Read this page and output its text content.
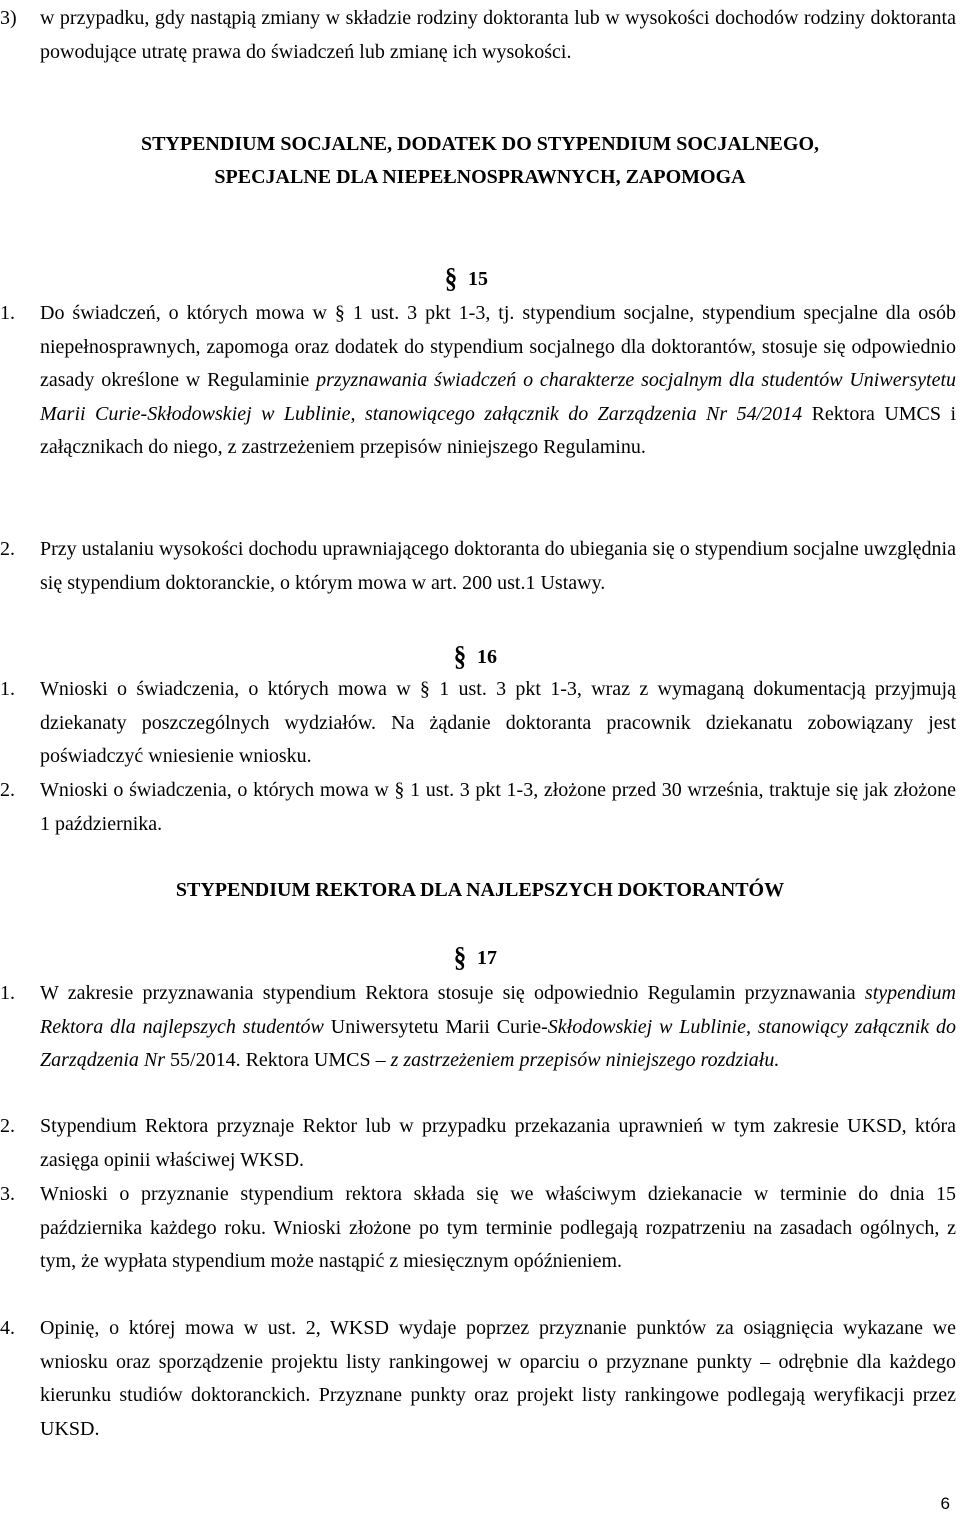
3) w przypadku, gdy nastąpią zmiany w składzie rodziny doktoranta lub w wysokości dochodów rodziny doktoranta powodujące utratę prawa do świadczeń lub zmianę ich wysokości.
STYPENDIUM SOCJALNE, DODATEK DO STYPENDIUM SOCJALNEGO,
SPECJALNE DLA NIEPEŁNOSPRAWNYCH, ZAPOMOGA
§ 15
1. Do świadczeń, o których mowa w § 1 ust. 3 pkt 1-3, tj. stypendium socjalne, stypendium specjalne dla osób niepełnosprawnych, zapomoga oraz dodatek do stypendium socjalnego dla doktorantów, stosuje się odpowiednio zasady określone w Regulaminie przyznawania świadczeń o charakterze socjalnym dla studentów Uniwersytetu Marii Curie-Skłodowskiej w Lublinie, stanowiącego załącznik do Zarządzenia Nr 54/2014 Rektora UMCS i załącznikach do niego, z zastrzeżeniem przepisów niniejszego Regulaminu.
2. Przy ustalaniu wysokości dochodu uprawniającego doktoranta do ubiegania się o stypendium socjalne uwzględnia się stypendium doktoranckie, o którym mowa w art. 200 ust.1 Ustawy.
§ 16
1. Wnioski o świadczenia, o których mowa w § 1 ust. 3 pkt 1-3, wraz z wymaganą dokumentacją przyjmują dziekanaty poszczególnych wydziałów. Na żądanie doktoranta pracownik dziekanatu zobowiązany jest poświadczyć wniesienie wniosku.
2. Wnioski o świadczenia, o których mowa w § 1 ust. 3 pkt 1-3, złożone przed 30 września, traktuje się jak złożone 1 października.
STYPENDIUM REKTORA DLA NAJLEPSZYCH DOKTORANTÓW
§ 17
1. W zakresie przyznawania stypendium Rektora stosuje się odpowiednio Regulamin przyznawania stypendium Rektora dla najlepszych studentów Uniwersytetu Marii Curie-Skłodowskiej w Lublinie, stanowiący załącznik do Zarządzenia Nr 55/2014. Rektora UMCS – z zastrzeżeniem przepisów niniejszego rozdziału.
2. Stypendium Rektora przyznaje Rektor lub w przypadku przekazania uprawnień w tym zakresie UKSD, która zasięga opinii właściwej WKSD.
3. Wnioski o przyznanie stypendium rektora składa się we właściwym dziekanacie w terminie do dnia 15 października każdego roku. Wnioski złożone po tym terminie podlegają rozpatrzeniu na zasadach ogólnych, z tym, że wypłata stypendium może nastąpić z miesięcznym opóźnieniem.
4. Opinię, o której mowa w ust. 2, WKSD wydaje poprzez przyznanie punktów za osiągnięcia wykazane we wniosku oraz sporządzenie projektu listy rankingowej w oparciu o przyznane punkty – odrębnie dla każdego kierunku studiów doktoranckich. Przyznane punkty oraz projekt listy rankingowe podlegają weryfikacji przez UKSD.
6
